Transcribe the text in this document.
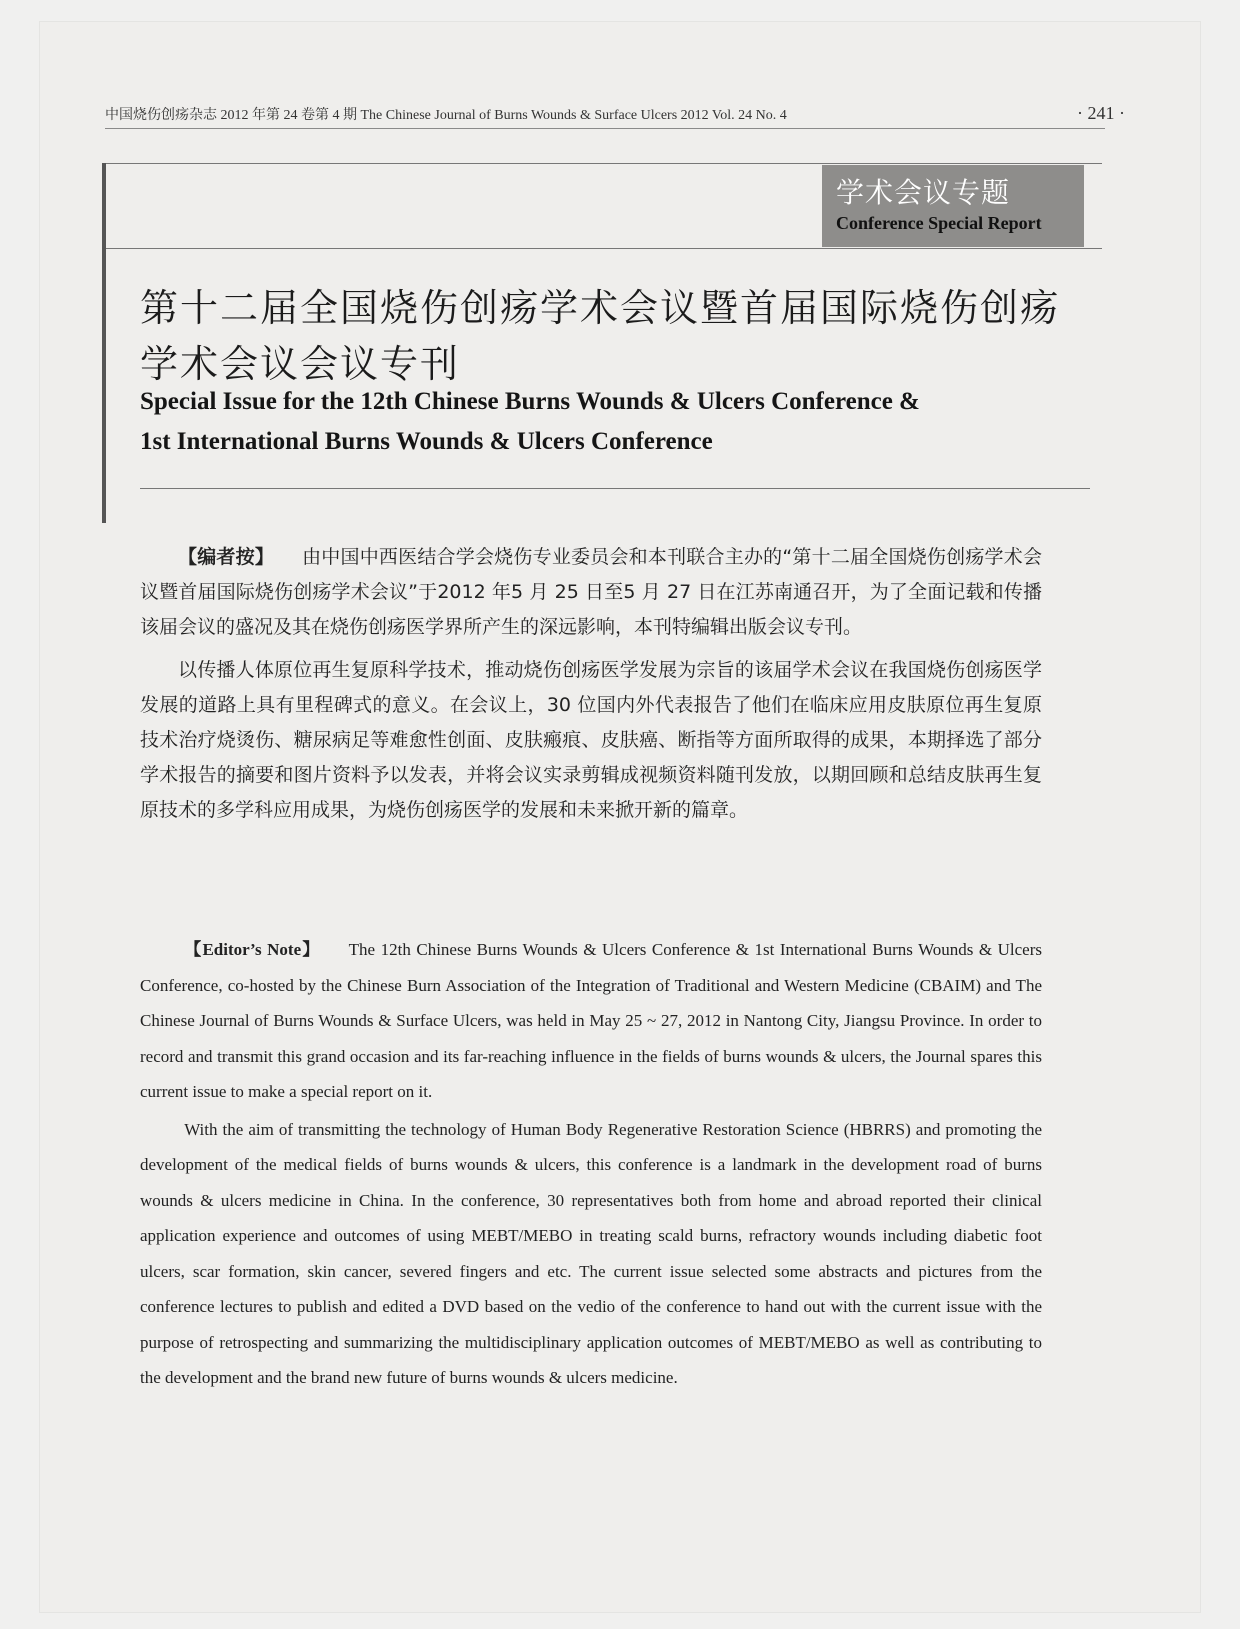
中国烧伤创疡杂志 2012 年第 24 卷第 4 期 The Chinese Journal of Burns Wounds & Surface Ulcers 2012 Vol. 24 No. 4	· 241 ·
学术会议专题
Conference Special Report
第十二届全国烧伤创疡学术会议暨首届国际烧伤创疡学术会议会议专刊
Special Issue for the 12th Chinese Burns Wounds & Ulcers Conference &
1st International Burns Wounds & Ulcers Conference

【编者按】 由中国中西医结合学会烧伤专业委员会和本刊联合主办的“第十二届全国烧伤创疡学术会议暨首届国际烧伤创疡学术会议”于2012 年5 月 25 日至5 月 27 日在江苏南通召开，为了全面记载和传播该届会议的盛况及其在烧伤创疡医学界所产生的深远影响，本刊特编辑出版会议专刊。

以传播人体原位再生复原科学技术，推动烧伤创疡医学发展为宗旨的该届学术会议在我国烧伤创疡医学发展的道路上具有里程碑式的意义。在会议上，30 位国内外代表报告了他们在临床应用皮肤原位再生复原技术治疗烧烫伤、糖尿病足等难愈性创面、皮肤瘢痕、皮肤癌、断指等方面所取得的成果，本期择选了部分学术报告的摘要和图片资料予以发表，并将会议实录剪辑成视频资料随刊发放，以期回顾和总结皮肤再生复原技术的多学科应用成果，为烧伤创疡医学的发展和未来掀开新的篇章。

【Editor’s Note】 The 12th Chinese Burns Wounds & Ulcers Conference & 1st International Burns Wounds & Ulcers Conference, co-hosted by the Chinese Burn Association of the Integration of Traditional and Western Medicine (CBAIM) and The Chinese Journal of Burns Wounds & Surface Ulcers, was held in May 25 ~ 27, 2012 in Nantong City, Jiangsu Province. In order to record and transmit this grand occasion and its far-reaching influence in the fields of burns wounds & ulcers, the Journal spares this current issue to make a special report on it.

With the aim of transmitting the technology of Human Body Regenerative Restoration Science (HBRRS) and promoting the development of the medical fields of burns wounds & ulcers, this conference is a landmark in the development road of burns wounds & ulcers medicine in China. In the conference, 30 representatives both from home and abroad reported their clinical application experience and outcomes of using MEBT/MEBO in treating scald burns, refractory wounds including diabetic foot ulcers, scar formation, skin cancer, severed fingers and etc. The current issue selected some abstracts and pictures from the conference lectures to publish and edited a DVD based on the vedio of the conference to hand out with the current issue with the purpose of retrospecting and summarizing the multidisciplinary application outcomes of MEBT/MEBO as well as contributing to the development and the brand new future of burns wounds & ulcers medicine.
